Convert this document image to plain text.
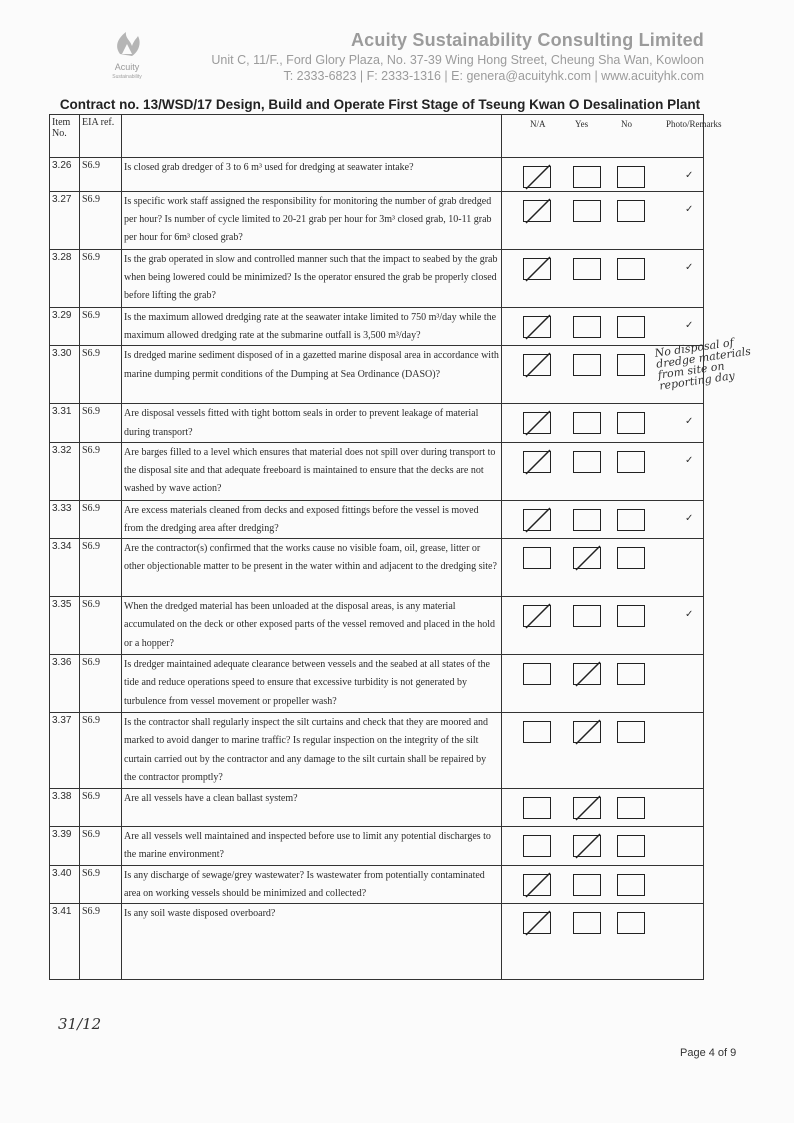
Acuity
Sustainability
Acuity Sustainability Consulting Limited
Unit C, 11/F., Ford Glory Plaza, No. 37-39 Wing Hong Street, Cheung Sha Wan, Kowloon
T: 2333-6823 | F: 2333-1316 | E: genera@acuityhk.com | www.acuityhk.com
Contract no. 13/WSD/17 Design, Build and Operate First Stage of Tseung Kwan O Desalination Plant
Item No.	EIA ref.		N/A Yes No Photo/Remarks

3.26	S6.9	Is closed grab dredger of 3 to 6 m³ used for dredging at seawater intake?	✓

3.27	S6.9	Is specific work staff assigned the responsibility for monitoring the number of grab dredged per hour? Is number of cycle limited to 20-21 grab per hour for 3m³ closed grab, 10-11 grab per hour for 6m³ closed grab?	✓

3.28	S6.9	Is the grab operated in slow and controlled manner such that the impact to seabed by the grab when being lowered could be minimized? Is the operator ensured the grab be properly closed before lifting the grab?	✓

3.29	S6.9	Is the maximum allowed dredging rate at the seawater intake limited to 750 m³/day while the maximum allowed dredging rate at the submarine outfall is 3,500 m³/day?	✓

3.30	S6.9	Is dredged marine sediment disposed of in a gazetted marine disposal area in accordance with marine dumping permit conditions of the Dumping at Sea Ordinance (DASO)?	No disposal of dredge materials from site on reporting day

3.31	S6.9	Are disposal vessels fitted with tight bottom seals in order to prevent leakage of material during transport?	✓

3.32	S6.9	Are barges filled to a level which ensures that material does not spill over during transport to the disposal site and that adequate freeboard is maintained to ensure that the decks are not washed by wave action?	✓

3.33	S6.9	Are excess materials cleaned from decks and exposed fittings before the vessel is moved from the dredging area after dredging?	✓

3.34	S6.9	Are the contractor(s) confirmed that the works cause no visible foam, oil, grease, litter or other objectionable matter to be present in the water within and adjacent to the dredging site?

3.35	S6.9	When the dredged material has been unloaded at the disposal areas, is any material accumulated on the deck or other exposed parts of the vessel removed and placed in the hold or a hopper?	✓

3.36	S6.9	Is dredger maintained adequate clearance between vessels and the seabed at all states of the tide and reduce operations speed to ensure that excessive turbidity is not generated by turbulence from vessel movement or propeller wash?

3.37	S6.9	Is the contractor shall regularly inspect the silt curtains and check that they are moored and marked to avoid danger to marine traffic? Is regular inspection on the integrity of the silt curtain carried out by the contractor and any damage to the silt curtain shall be repaired by the contractor promptly?

3.38	S6.9	Are all vessels have a clean ballast system?

3.39	S6.9	Are all vessels well maintained and inspected before use to limit any potential discharges to the marine environment?

3.40	S6.9	Is any discharge of sewage/grey wastewater? Is wastewater from potentially contaminated area on working vessels should be minimized and collected?

3.41	S6.9	Is any soil waste disposed overboard?

31/12
Page 4 of 9
